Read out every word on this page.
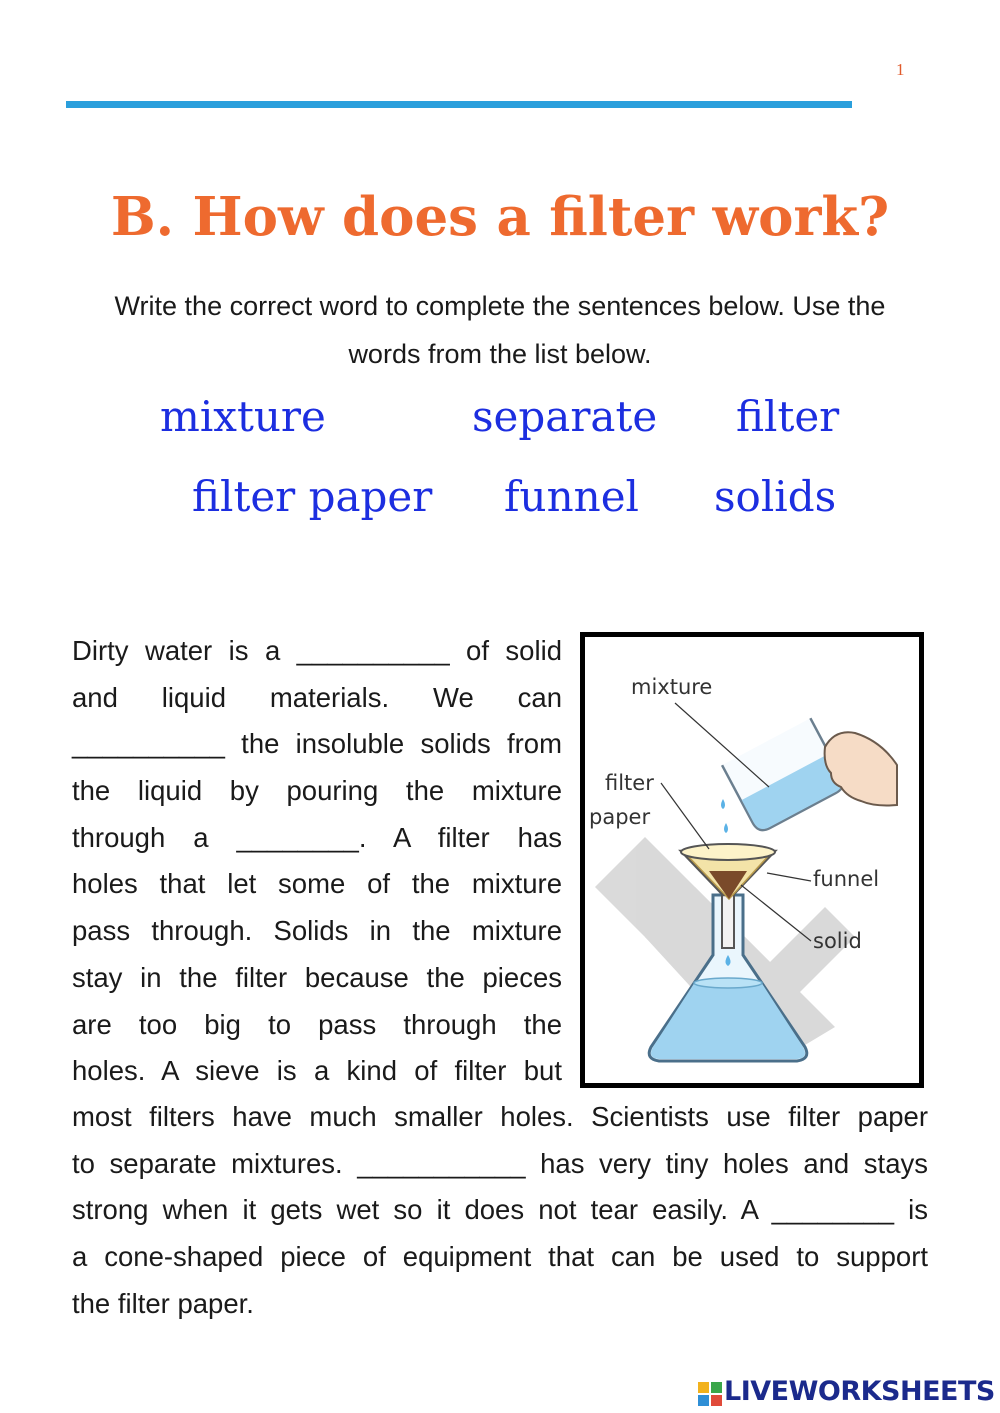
1
B. How does a filter work?
Write the correct word to complete the sentences below. Use the words from the list below.
mixture	separate filter
filter paper funnel solids
Dirty water is a __________ of solid
and liquid materials. We can
__________ the insoluble solids from
the liquid by pouring the mixture
through a ________. A filter has
holes that let some of the mixture
pass through. Solids in the mixture
stay in the filter because the pieces
are too big to pass through the
holes. A sieve is a kind of filter but
most filters have much smaller holes. Scientists use filter paper
to separate mixtures. ___________ has very tiny holes and stays
strong when it gets wet so it does not tear easily. A ________ is
a cone-shaped piece of equipment that can be used to support
the filter paper.
mixture
filter
paper
funnel
solid
LIVEWORKSHEETS
